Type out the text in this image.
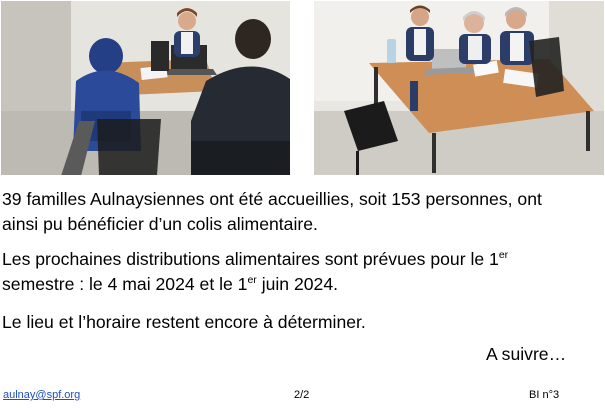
39 familles Aulnaysiennes ont été accueillies, soit 153 personnes, ont
ainsi pu bénéficier d’un colis alimentaire.

Les prochaines distributions alimentaires sont prévues pour le 1er
semestre : le 4 mai 2024 et le 1er juin 2024.

Le lieu et l’horaire restent encore à déterminer.

A suivre…

aulnay@spf.org	2/2	BI n°3
